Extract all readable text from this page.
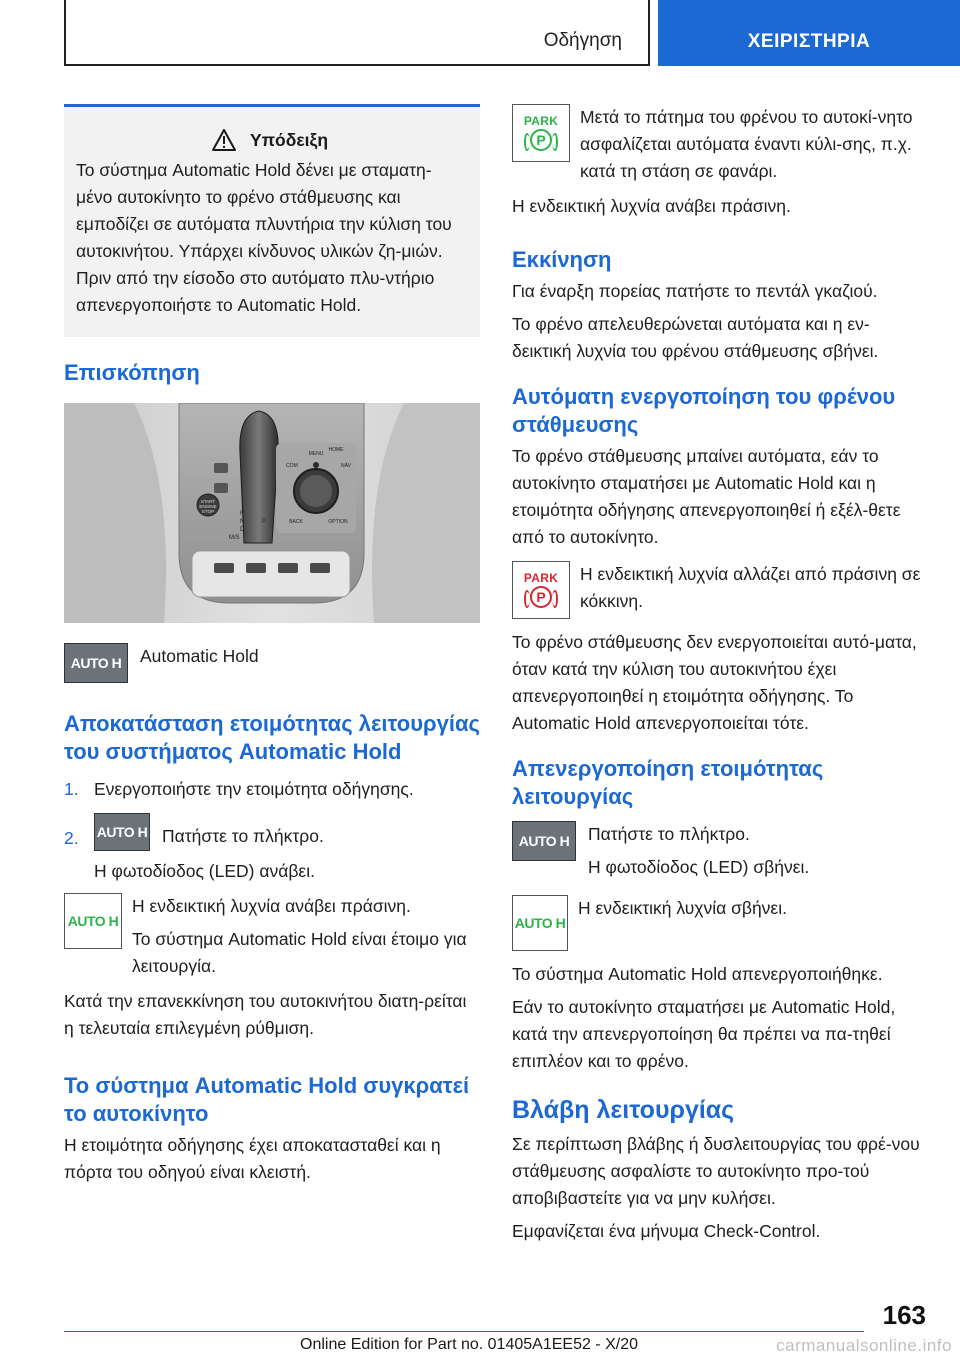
Οδήγηση	ΧΕΙΡΙΣΤΗΡΙΑ
Υπόδειξη

Το σύστημα Automatic Hold δένει με σταματη-μένο αυτοκίνητο το φρένο στάθμευσης και εμποδίζει σε αυτόματα πλυντήρια την κύλιση του αυτοκινήτου. Υπάρχει κίνδυνος υλικών ζη-μιών. Πριν από την είσοδο στο αυτόματο πλυ-ντήριο απενεργοποιήστε το Automatic Hold.

Επισκόπηση
START
ENGINE
STOP	R
N
D
M/S
P
MENU
HOME
COM	NAV
BACK	OPTION
AUTO H	Automatic Hold

Αποκατάσταση ετοιμότητας λειτουργίας του συστήματος Automatic Hold
1. Ενεργοποιήστε την ετοιμότητα οδήγησης.

2.	AUTO H Πατήστε το πλήκτρο.

Η φωτοδίοδος (LED) ανάβει.

AUTO H

Η ενδεικτική λυχνία ανάβει πράσινη.

Το σύστημα Automatic Hold είναι έτοιμο για λειτουργία.

Κατά την επανεκκίνηση του αυτοκινήτου διατη-ρείται η τελευταία επιλεγμένη ρύθμιση.

Το σύστημα Automatic Hold συγκρατεί το αυτοκίνητο

Η ετοιμότητα οδήγησης έχει αποκατασταθεί και η πόρτα του οδηγού είναι κλειστή.

PARK
P

Μετά το πάτημα του φρένου το αυτοκί-νητο ασφαλίζεται αυτόματα έναντι κύλι-σης, π.χ. κατά τη στάση σε φανάρι.

Η ενδεικτική λυχνία ανάβει πράσινη.

Εκκίνηση

Για έναρξη πορείας πατήστε το πεντάλ γκαζιού.

Το φρένο απελευθερώνεται αυτόματα και η εν-δεικτική λυχνία του φρένου στάθμευσης σβήνει.

Αυτόματη ενεργοποίηση του φρένου στάθμευσης

Το φρένο στάθμευσης μπαίνει αυτόματα, εάν το αυτοκίνητο σταματήσει με Automatic Hold και η ετοιμότητα οδήγησης απενεργοποιηθεί ή εξέλ-θετε από το αυτοκίνητο.

PARK
P

Η ενδεικτική λυχνία αλλάζει από πράσινη σε κόκκινη.

Το φρένο στάθμευσης δεν ενεργοποιείται αυτό-ματα, όταν κατά την κύλιση του αυτοκινήτου έχει απενεργοποιηθεί η ετοιμότητα οδήγησης. Το Automatic Hold απενεργοποιείται τότε.

Απενεργοποίηση ετοιμότητας λειτουργίας
AUTO H	Πατήστε το πλήκτρο.

Η φωτοδίοδος (LED) σβήνει.

AUTO H

Η ενδεικτική λυχνία σβήνει.

Το σύστημα Automatic Hold απενεργοποιήθηκε.

Εάν το αυτοκίνητο σταματήσει με Automatic Hold, κατά την απενεργοποίηση θα πρέπει να πα-τηθεί επιπλέον και το φρένο.

Βλάβη λειτουργίας

Σε περίπτωση βλάβης ή δυσλειτουργίας του φρέ-νου στάθμευσης ασφαλίστε το αυτοκίνητο προ-τού αποβιβαστείτε για να μην κυλήσει.

Εμφανίζεται ένα μήνυμα Check-Control.

163
Online Edition for Part no. 01405A1EE52 - X/20	carmanualsonline.info
